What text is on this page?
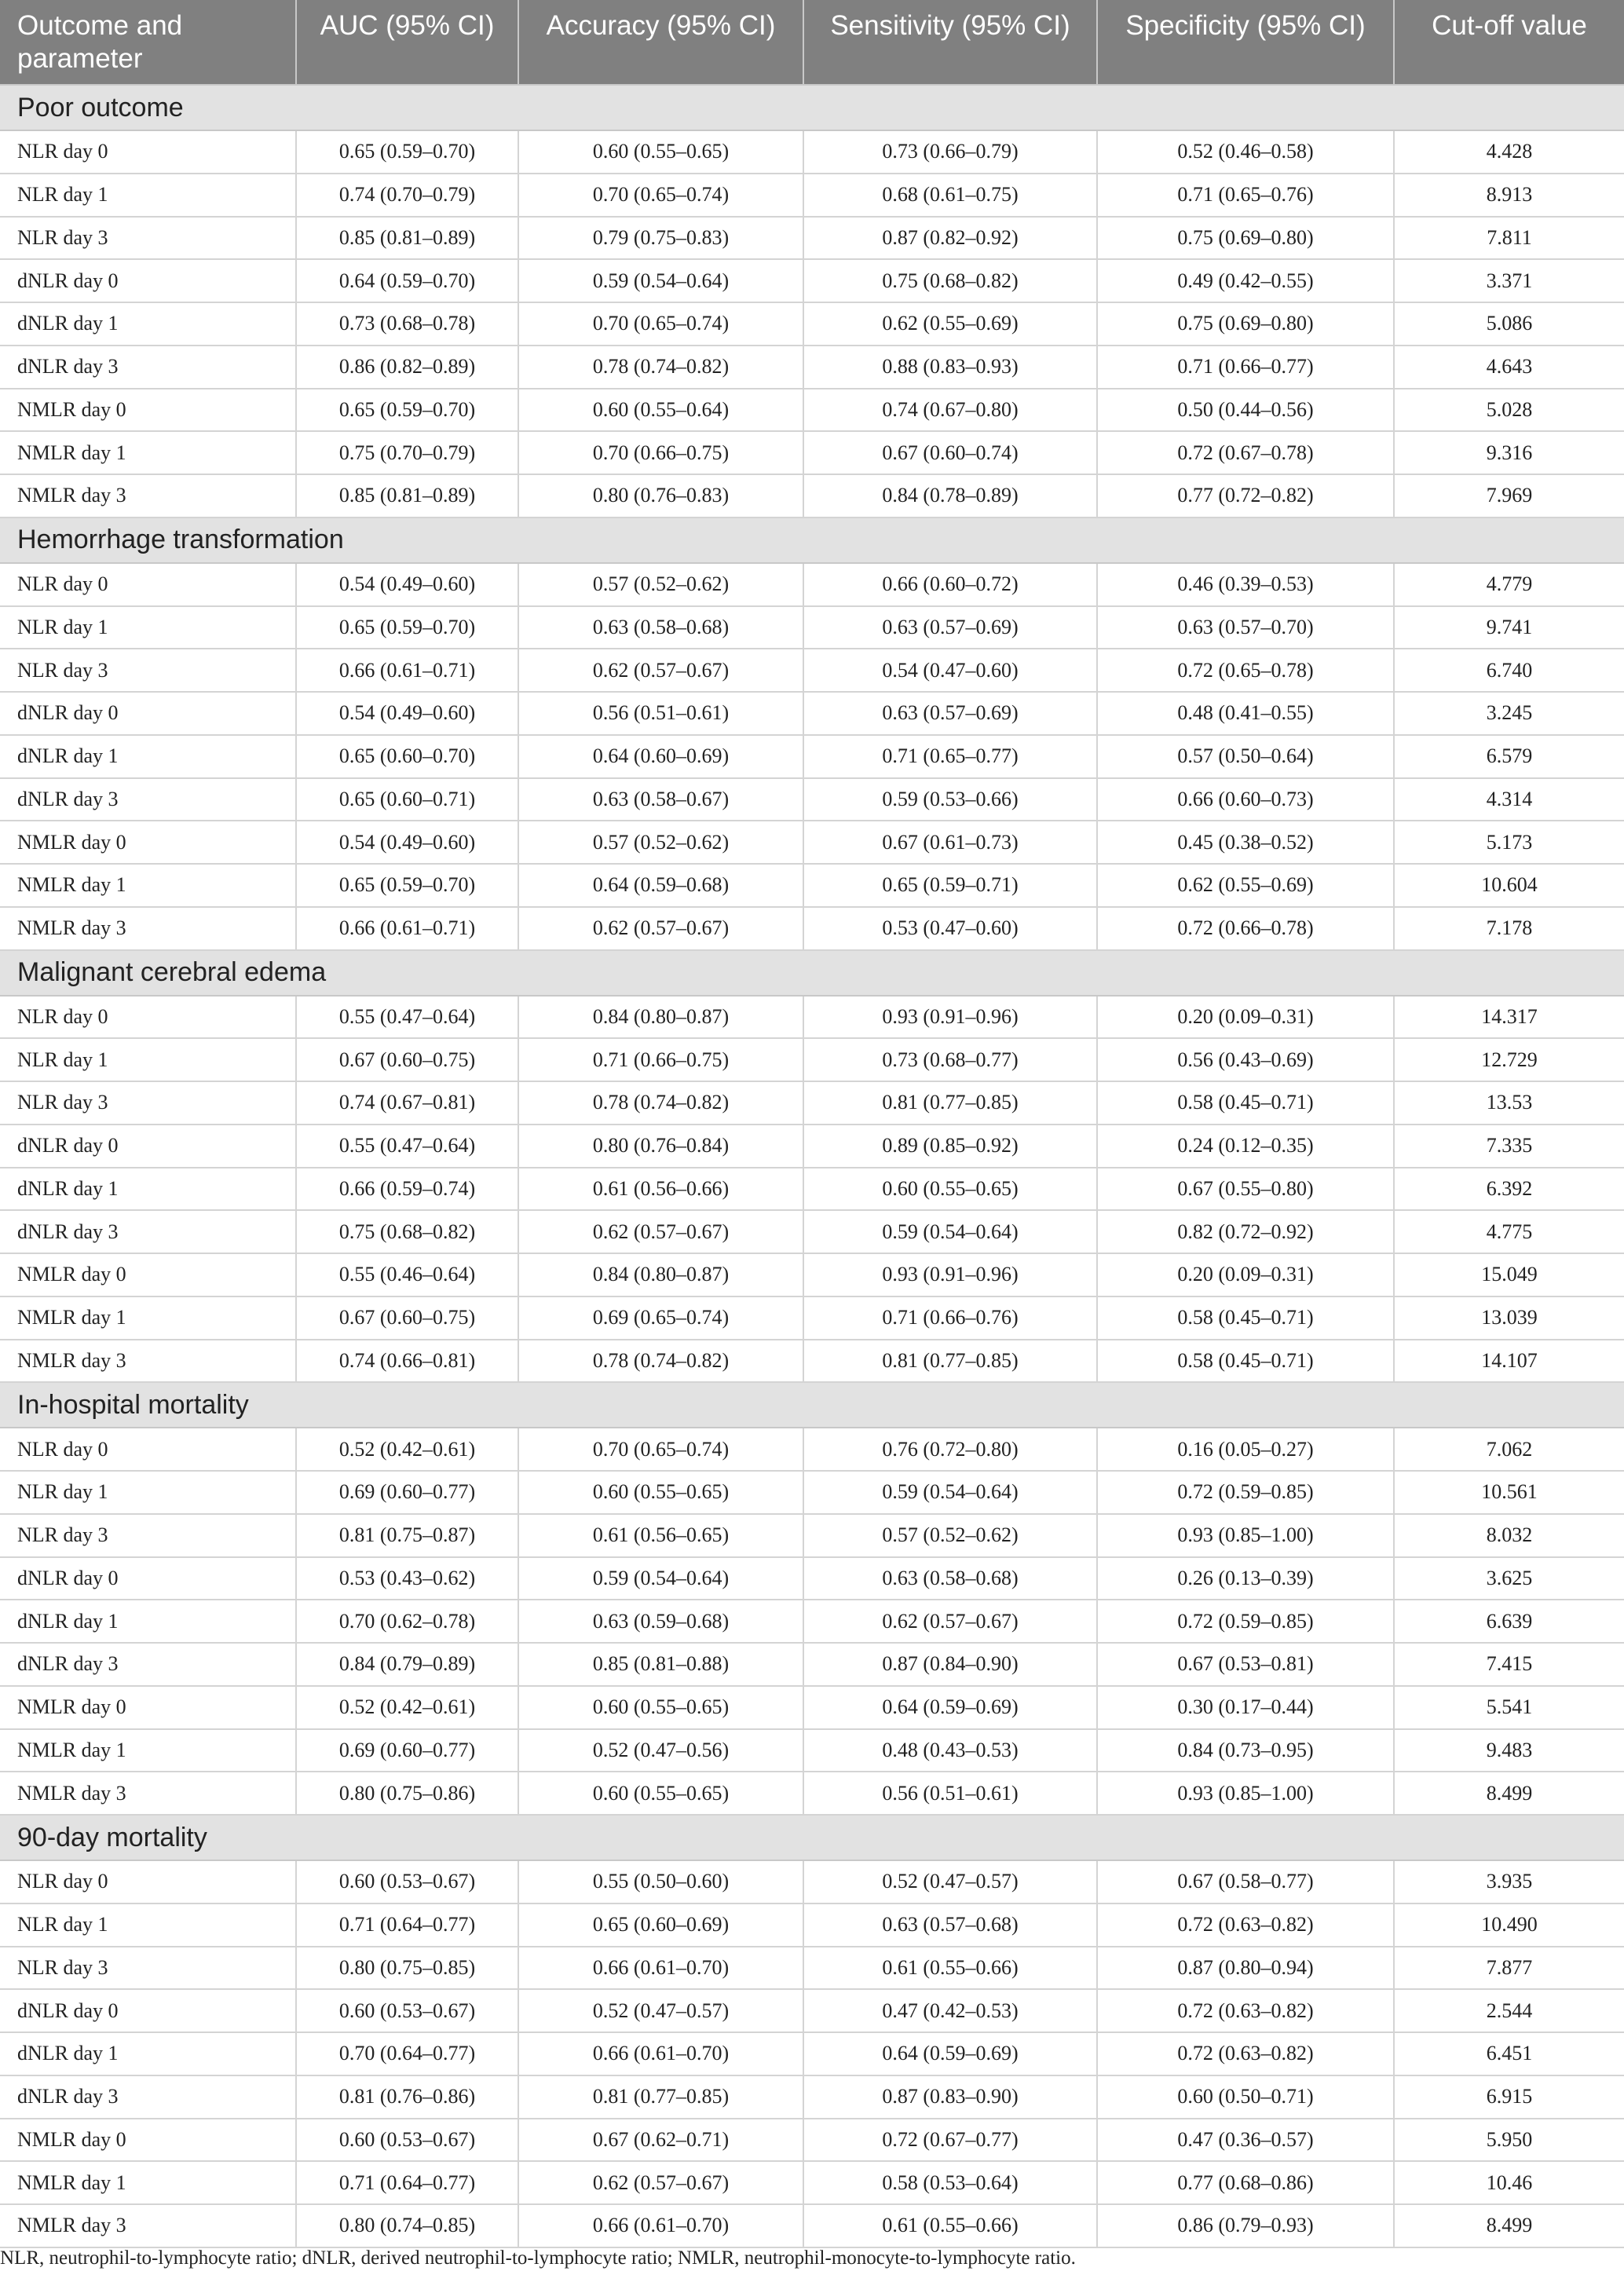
Outcome and parameter	AUC (95% CI)	Accuracy (95% CI)	Sensitivity (95% CI)	Specificity (95% CI)	Cut-off value
Poor outcome					
NLR day 0	0.65 (0.59–0.70)	0.60 (0.55–0.65)	0.73 (0.66–0.79)	0.52 (0.46–0.58)	4.428
NLR day 1	0.74 (0.70–0.79)	0.70 (0.65–0.74)	0.68 (0.61–0.75)	0.71 (0.65–0.76)	8.913
NLR day 3	0.85 (0.81–0.89)	0.79 (0.75–0.83)	0.87 (0.82–0.92)	0.75 (0.69–0.80)	7.811
dNLR day 0	0.64 (0.59–0.70)	0.59 (0.54–0.64)	0.75 (0.68–0.82)	0.49 (0.42–0.55)	3.371
dNLR day 1	0.73 (0.68–0.78)	0.70 (0.65–0.74)	0.62 (0.55–0.69)	0.75 (0.69–0.80)	5.086
dNLR day 3	0.86 (0.82–0.89)	0.78 (0.74–0.82)	0.88 (0.83–0.93)	0.71 (0.66–0.77)	4.643
NMLR day 0	0.65 (0.59–0.70)	0.60 (0.55–0.64)	0.74 (0.67–0.80)	0.50 (0.44–0.56)	5.028
NMLR day 1	0.75 (0.70–0.79)	0.70 (0.66–0.75)	0.67 (0.60–0.74)	0.72 (0.67–0.78)	9.316
NMLR day 3	0.85 (0.81–0.89)	0.80 (0.76–0.83)	0.84 (0.78–0.89)	0.77 (0.72–0.82)	7.969
Hemorrhage transformation					
NLR day 0	0.54 (0.49–0.60)	0.57 (0.52–0.62)	0.66 (0.60–0.72)	0.46 (0.39–0.53)	4.779
NLR day 1	0.65 (0.59–0.70)	0.63 (0.58–0.68)	0.63 (0.57–0.69)	0.63 (0.57–0.70)	9.741
NLR day 3	0.66 (0.61–0.71)	0.62 (0.57–0.67)	0.54 (0.47–0.60)	0.72 (0.65–0.78)	6.740
dNLR day 0	0.54 (0.49–0.60)	0.56 (0.51–0.61)	0.63 (0.57–0.69)	0.48 (0.41–0.55)	3.245
dNLR day 1	0.65 (0.60–0.70)	0.64 (0.60–0.69)	0.71 (0.65–0.77)	0.57 (0.50–0.64)	6.579
dNLR day 3	0.65 (0.60–0.71)	0.63 (0.58–0.67)	0.59 (0.53–0.66)	0.66 (0.60–0.73)	4.314
NMLR day 0	0.54 (0.49–0.60)	0.57 (0.52–0.62)	0.67 (0.61–0.73)	0.45 (0.38–0.52)	5.173
NMLR day 1	0.65 (0.59–0.70)	0.64 (0.59–0.68)	0.65 (0.59–0.71)	0.62 (0.55–0.69)	10.604
NMLR day 3	0.66 (0.61–0.71)	0.62 (0.57–0.67)	0.53 (0.47–0.60)	0.72 (0.66–0.78)	7.178
Malignant cerebral edema					
NLR day 0	0.55 (0.47–0.64)	0.84 (0.80–0.87)	0.93 (0.91–0.96)	0.20 (0.09–0.31)	14.317
NLR day 1	0.67 (0.60–0.75)	0.71 (0.66–0.75)	0.73 (0.68–0.77)	0.56 (0.43–0.69)	12.729
NLR day 3	0.74 (0.67–0.81)	0.78 (0.74–0.82)	0.81 (0.77–0.85)	0.58 (0.45–0.71)	13.53
dNLR day 0	0.55 (0.47–0.64)	0.80 (0.76–0.84)	0.89 (0.85–0.92)	0.24 (0.12–0.35)	7.335
dNLR day 1	0.66 (0.59–0.74)	0.61 (0.56–0.66)	0.60 (0.55–0.65)	0.67 (0.55–0.80)	6.392
dNLR day 3	0.75 (0.68–0.82)	0.62 (0.57–0.67)	0.59 (0.54–0.64)	0.82 (0.72–0.92)	4.775
NMLR day 0	0.55 (0.46–0.64)	0.84 (0.80–0.87)	0.93 (0.91–0.96)	0.20 (0.09–0.31)	15.049
NMLR day 1	0.67 (0.60–0.75)	0.69 (0.65–0.74)	0.71 (0.66–0.76)	0.58 (0.45–0.71)	13.039
NMLR day 3	0.74 (0.66–0.81)	0.78 (0.74–0.82)	0.81 (0.77–0.85)	0.58 (0.45–0.71)	14.107
In-hospital mortality					
NLR day 0	0.52 (0.42–0.61)	0.70 (0.65–0.74)	0.76 (0.72–0.80)	0.16 (0.05–0.27)	7.062
NLR day 1	0.69 (0.60–0.77)	0.60 (0.55–0.65)	0.59 (0.54–0.64)	0.72 (0.59–0.85)	10.561
NLR day 3	0.81 (0.75–0.87)	0.61 (0.56–0.65)	0.57 (0.52–0.62)	0.93 (0.85–1.00)	8.032
dNLR day 0	0.53 (0.43–0.62)	0.59 (0.54–0.64)	0.63 (0.58–0.68)	0.26 (0.13–0.39)	3.625
dNLR day 1	0.70 (0.62–0.78)	0.63 (0.59–0.68)	0.62 (0.57–0.67)	0.72 (0.59–0.85)	6.639
dNLR day 3	0.84 (0.79–0.89)	0.85 (0.81–0.88)	0.87 (0.84–0.90)	0.67 (0.53–0.81)	7.415
NMLR day 0	0.52 (0.42–0.61)	0.60 (0.55–0.65)	0.64 (0.59–0.69)	0.30 (0.17–0.44)	5.541
NMLR day 1	0.69 (0.60–0.77)	0.52 (0.47–0.56)	0.48 (0.43–0.53)	0.84 (0.73–0.95)	9.483
NMLR day 3	0.80 (0.75–0.86)	0.60 (0.55–0.65)	0.56 (0.51–0.61)	0.93 (0.85–1.00)	8.499
90-day mortality					
NLR day 0	0.60 (0.53–0.67)	0.55 (0.50–0.60)	0.52 (0.47–0.57)	0.67 (0.58–0.77)	3.935
NLR day 1	0.71 (0.64–0.77)	0.65 (0.60–0.69)	0.63 (0.57–0.68)	0.72 (0.63–0.82)	10.490
NLR day 3	0.80 (0.75–0.85)	0.66 (0.61–0.70)	0.61 (0.55–0.66)	0.87 (0.80–0.94)	7.877
dNLR day 0	0.60 (0.53–0.67)	0.52 (0.47–0.57)	0.47 (0.42–0.53)	0.72 (0.63–0.82)	2.544
dNLR day 1	0.70 (0.64–0.77)	0.66 (0.61–0.70)	0.64 (0.59–0.69)	0.72 (0.63–0.82)	6.451
dNLR day 3	0.81 (0.76–0.86)	0.81 (0.77–0.85)	0.87 (0.83–0.90)	0.60 (0.50–0.71)	6.915
NMLR day 0	0.60 (0.53–0.67)	0.67 (0.62–0.71)	0.72 (0.67–0.77)	0.47 (0.36–0.57)	5.950
NMLR day 1	0.71 (0.64–0.77)	0.62 (0.57–0.67)	0.58 (0.53–0.64)	0.77 (0.68–0.86)	10.46
NMLR day 3	0.80 (0.74–0.85)	0.66 (0.61–0.70)	0.61 (0.55–0.66)	0.86 (0.79–0.93)	8.499
NLR, neutrophil-to-lymphocyte ratio; dNLR, derived neutrophil-to-lymphocyte ratio; NMLR, neutrophil-monocyte-to-lymphocyte ratio.
